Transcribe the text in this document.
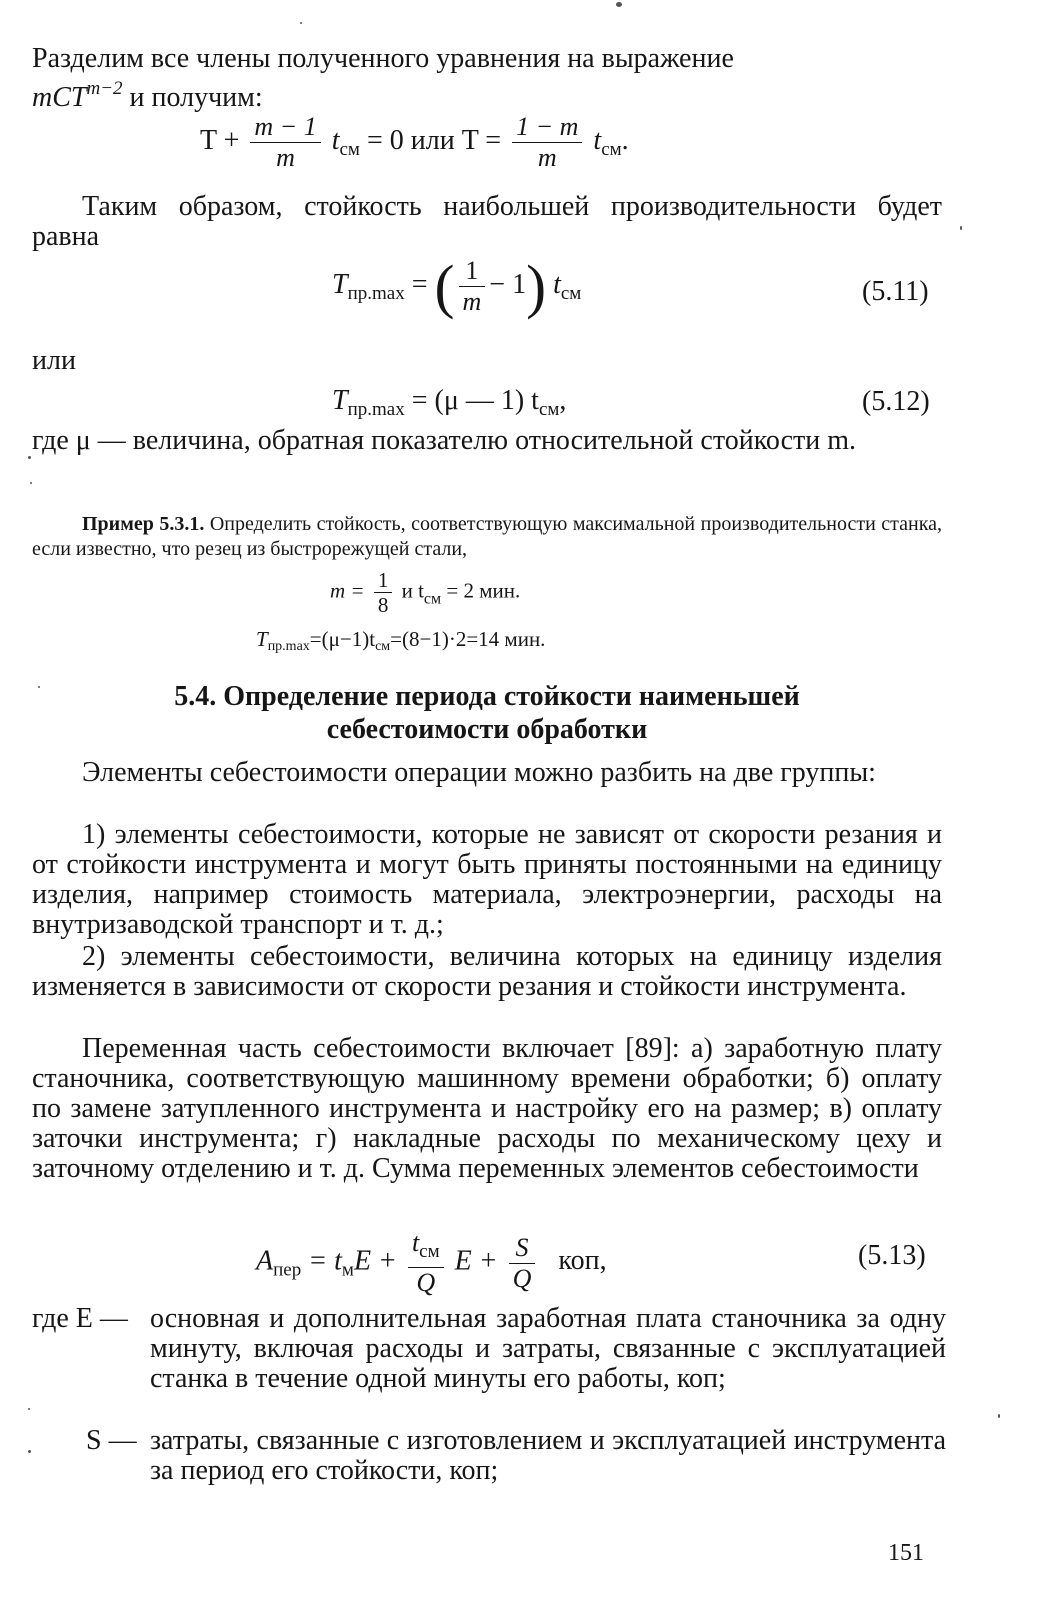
Разделим все члены полученного уравнения на выражение
mCT$^{m-2}$ и получим:

$T + \frac{m - 1}{m} t_{см} = 0$ или $T = \frac{1 - m}{m} t_{см}$.

Таким образом, стойкость наибольшей производительности будет равна

$T_{пр.max}$ = ( $\frac{1}{m} - 1$) $t_{см}$	(5.11)

или

$T_{пр.max} = (\mu$ — 1) $t_{см}$,	(5.12)

где μ — величина, обратная показателю относительной стойкости m.

Пример 5.3.1. Определить стойкость, соответствующую максимальной производительности станка, если известно, что резец из быстрорежущей стали,

$m = \frac{1}{8}$ и $t_{см} = 2$ мин.
$T_{пр.max}=(\mu-1)t_{см}=(8-1)\cdot 2=14$ мин.
5.4. Определение периода стойкости наименьшей
себестоимости обработки

Элементы себестоимости операции можно разбить на две группы:

1) элементы себестоимости, которые не зависят от скорости резания и от стойкости инструмента и могут быть приняты постоянными на единицу изделия, например стоимость материала, электроэнергии, расходы на внутризаводской транспорт и т. д.;

2) элементы себестоимости, величина которых на единицу изделия изменяется в зависимости от скорости резания и стойкости инструмента.

Переменная часть себестоимости включает [89]: а) заработную плату станочника, соответствующую машинному времени обработки; б) оплату по замене затупленного инструмента и настройку его на размер; в) оплату заточки инструмента; г) накладные расходы по механическому цеху и заточному отделению и т. д. Сумма переменных элементов себестоимости

$A_{пер} = t_мE + \frac{t_{см}}{Q}$ $E + \frac{S}{Q}$ коп,	(5.13)
где E — основная и дополнительная заработная плата станочника за одну минуту, включая расходы и затраты, связанные с эксплуатацией станка в течение одной минуты его работы, коп;
S — затраты, связанные с изготовлением и эксплуатацией инструмента за период его стойкости, коп;
151
